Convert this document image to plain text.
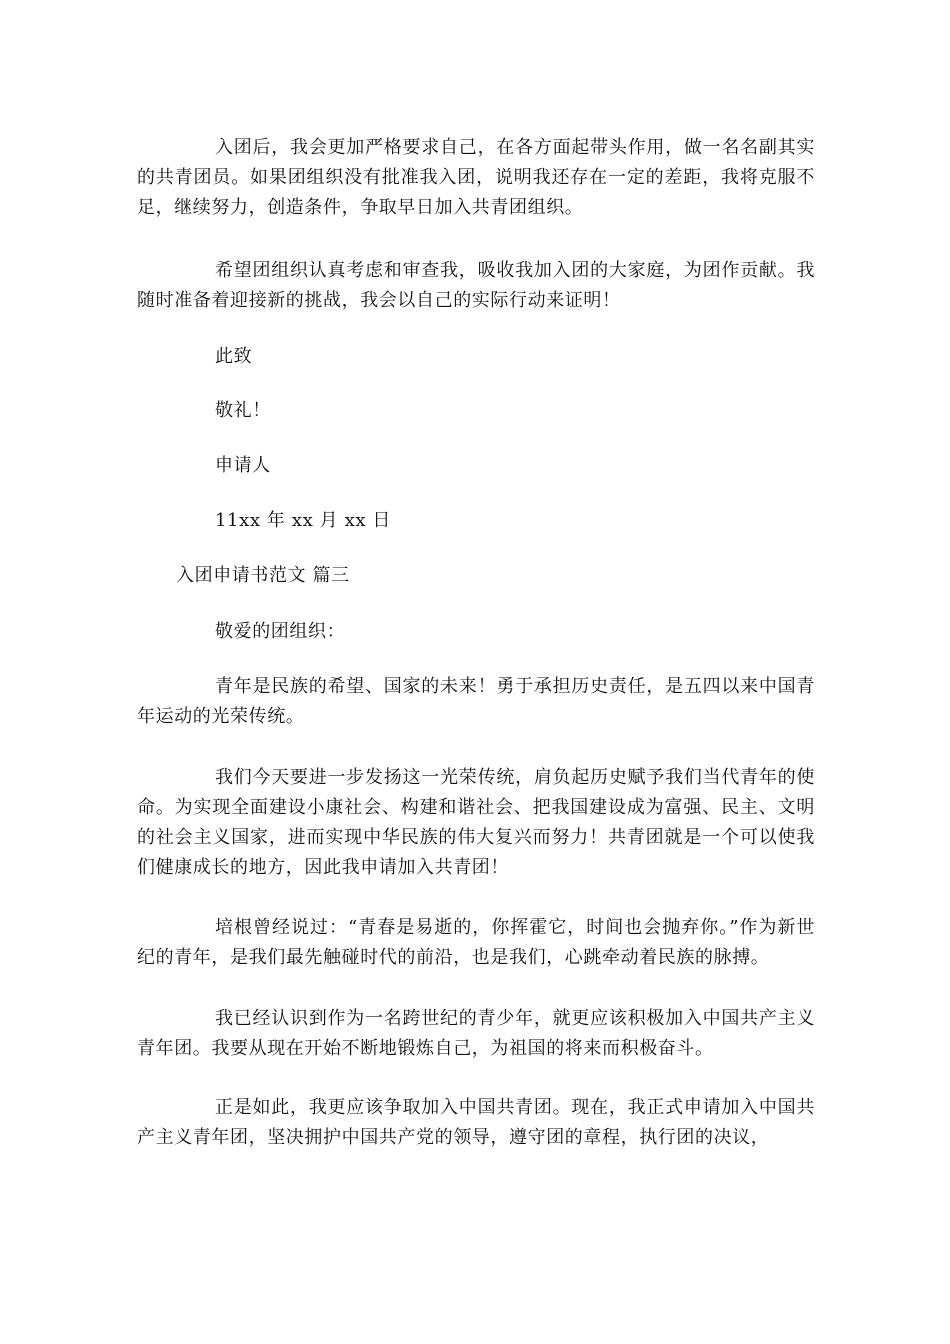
入团后，我会更加严格要求自己，在各方面起带头作用，做一名名副其实的共青团员。如果团组织没有批准我入团，说明我还存在一定的差距，我将克服不足，继续努力，创造条件，争取早日加入共青团组织。

希望团组织认真考虑和审查我，吸收我加入团的大家庭，为团作贡献。我随时准备着迎接新的挑战，我会以自己的实际行动来证明！

此致

敬礼！

申请人

11xx 年 xx 月 xx 日

入团申请书范文 篇三

敬爱的团组织：

青年是民族的希望、国家的未来！勇于承担历史责任，是五四以来中国青年运动的光荣传统。

我们今天要进一步发扬这一光荣传统，肩负起历史赋予我们当代青年的使命。为实现全面建设小康社会、构建和谐社会、把我国建设成为富强、民主、文明的社会主义国家，进而实现中华民族的伟大复兴而努力！共青团就是一个可以使我们健康成长的地方，因此我申请加入共青团！

培根曾经说过：“青春是易逝的，你挥霍它，时间也会抛弃你。”作为新世纪的青年，是我们最先触碰时代的前沿，也是我们，心跳牵动着民族的脉搏。

我已经认识到作为一名跨世纪的青少年，就更应该积极加入中国共产主义青年团。我要从现在开始不断地锻炼自己，为祖国的将来而积极奋斗。

正是如此，我更应该争取加入中国共青团。现在，我正式申请加入中国共产主义青年团，坚决拥护中国共产党的领导，遵守团的章程，执行团的决议，
